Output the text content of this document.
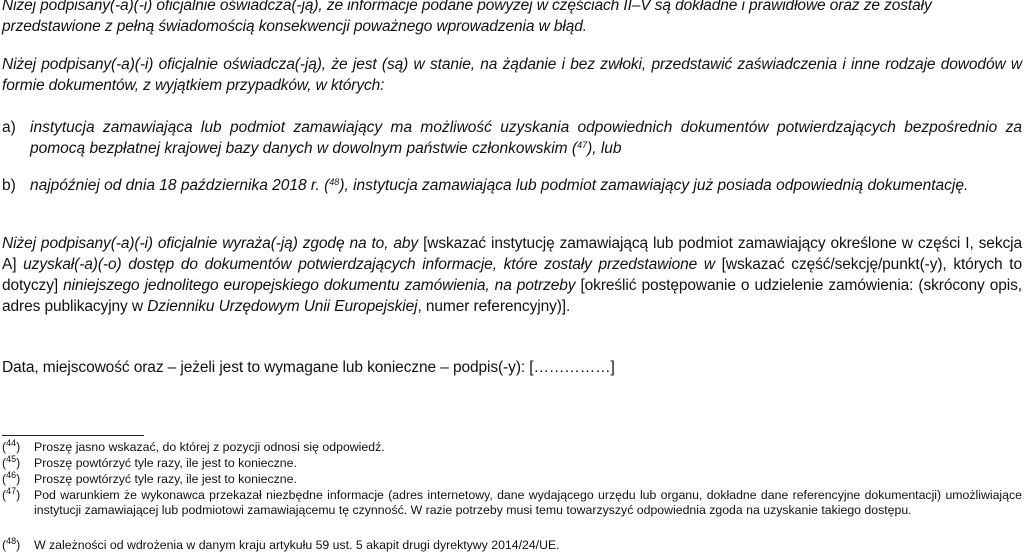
Niżej podpisany(-a)(-i) oficjalnie oświadcza(-ją), że informacje podane powyżej w częściach II–V są dokładne i prawidłowe oraz że zostały
przedstawione z pełną świadomością konsekwencji poważnego wprowadzenia w błąd.
Niżej podpisany(-a)(-i) oficjalnie oświadcza(-ją), że jest (są) w stanie, na żądanie i bez zwłoki, przedstawić zaświadczenia i inne rodzaje dowodów w formie dokumentów, z wyjątkiem przypadków, w których:
a) instytucja zamawiająca lub podmiot zamawiający ma możliwość uzyskania odpowiednich dokumentów potwierdzających bezpośrednio za pomocą bezpłatnej krajowej bazy danych w dowolnym państwie członkowskim ($^{47}$), lub
b) najpóźniej od dnia 18 października 2018 r. ($^{48}$), instytucja zamawiająca lub podmiot zamawiający już posiada odpowiednią dokumentację.
Niżej podpisany(-a)(-i) oficjalnie wyraża(-ją) zgodę na to, aby [wskazać instytucję zamawiającą lub podmiot zamawiający określone w części I, sekcja A] uzyskał(-a)(-o) dostęp do dokumentów potwierdzających informacje, które zostały przedstawione w [wskazać część/sekcję/punkt(-y), których to dotyczy] niniejszego jednolitego europejskiego dokumentu zamówienia, na potrzeby [określić postępowanie o udzielenie zamówienia: (skrócony opis, adres publikacyjny w Dzienniku Urzędowym Unii Europejskiej, numer referencyjny)].
Data, miejscowość oraz – jeżeli jest to wymagane lub konieczne – podpis(-y): [……………]
($^{44}$)	Proszę jasno wskazać, do której z pozycji odnosi się odpowiedź.
($^{45}$)	Proszę powtórzyć tyle razy, ile jest to konieczne.
($^{46}$)	Proszę powtórzyć tyle razy, ile jest to konieczne.
($^{47}$)	Pod warunkiem że wykonawca przekazał niezbędne informacje (adres internetowy, dane wydającego urzędu lub organu, dokładne dane referencyjne dokumentacji) umożliwiające instytucji zamawiającej lub podmiotowi zamawiającemu tę czynność. W razie potrzeby musi temu towarzyszyć odpowiednia zgoda na uzyskanie takiego dostępu.
($^{48}$)	W zależności od wdrożenia w danym kraju artykułu 59 ust. 5 akapit drugi dyrektywy 2014/24/UE.
